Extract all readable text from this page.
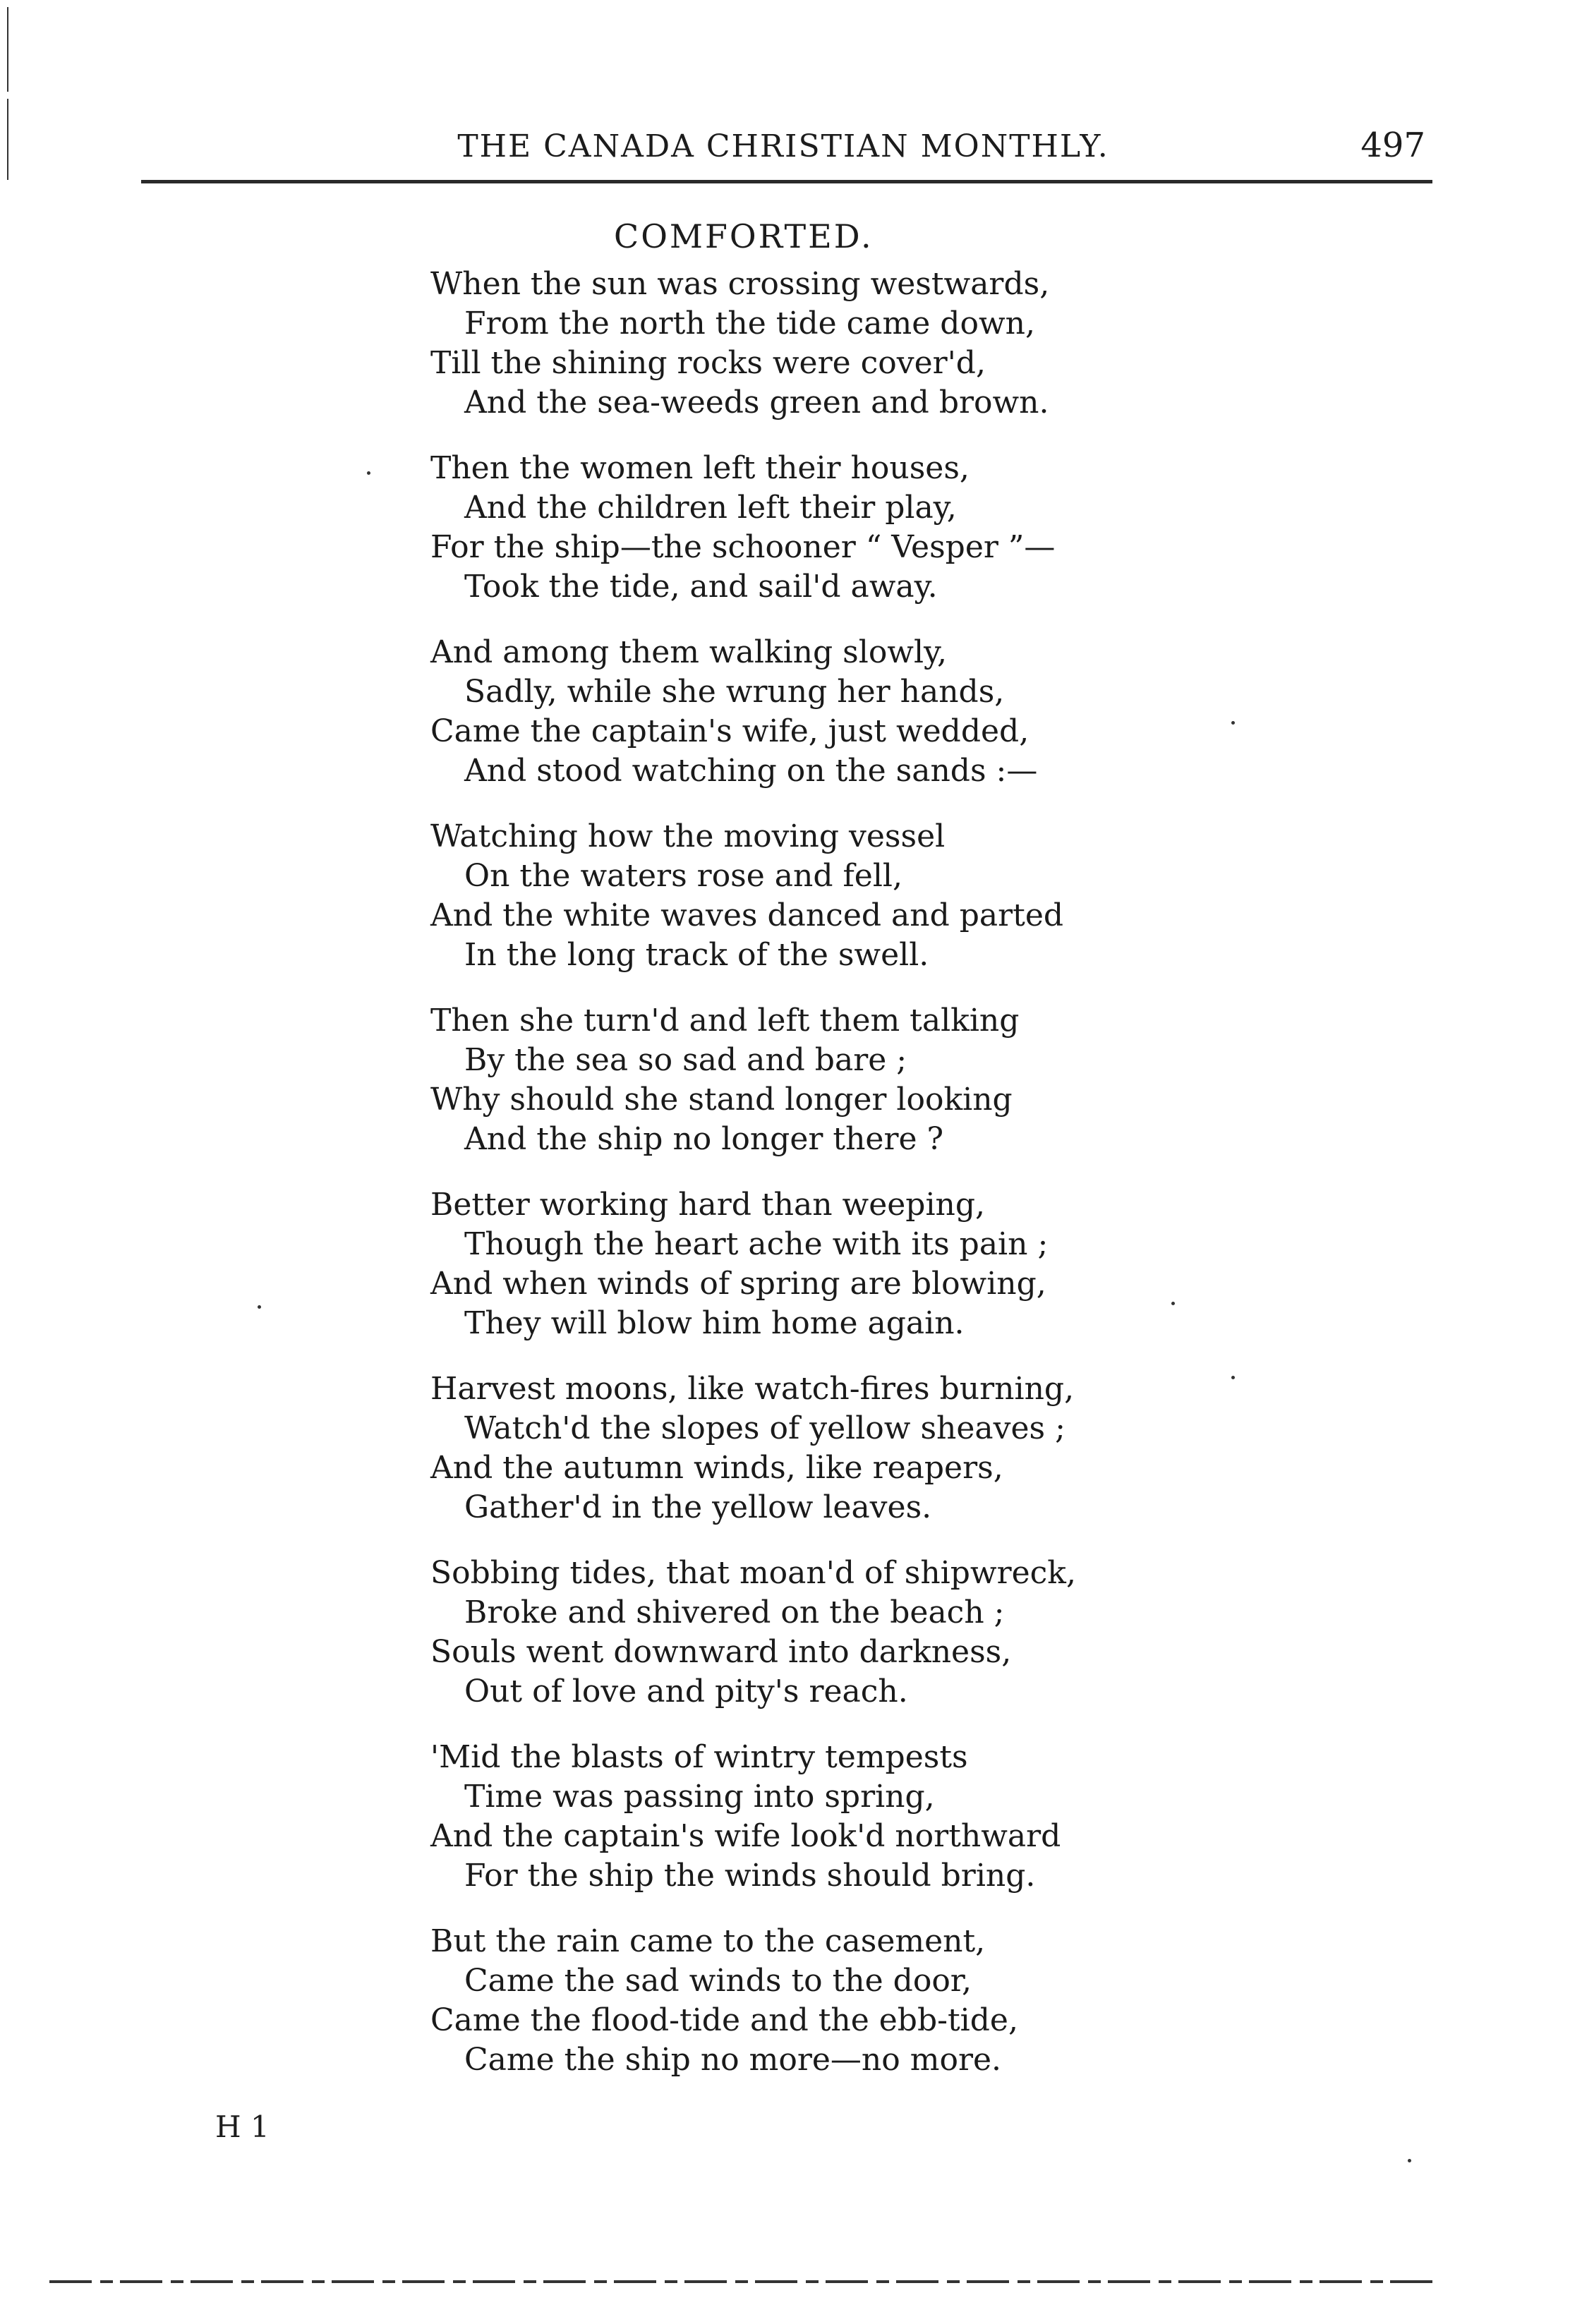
THE CANADA CHRISTIAN MONTHLY.	497
COMFORTED.
When the sun was crossing westwards,
From the north the tide came down,
Till the shining rocks were cover'd,
And the sea-weeds green and brown.
Then the women left their houses,
And the children left their play,
For the ship—the schooner “ Vesper ”—
Took the tide, and sail'd away.
And among them walking slowly,
Sadly, while she wrung her hands,
Came the captain's wife, just wedded,
And stood watching on the sands :—
Watching how the moving vessel
On the waters rose and fell,
And the white waves danced and parted
In the long track of the swell.
Then she turn'd and left them talking
By the sea so sad and bare ;
Why should she stand longer looking
And the ship no longer there ?
Better working hard than weeping,
Though the heart ache with its pain ;
And when winds of spring are blowing,
They will blow him home again.
Harvest moons, like watch-fires burning,
Watch'd the slopes of yellow sheaves ;
And the autumn winds, like reapers,
Gather'd in the yellow leaves.
Sobbing tides, that moan'd of shipwreck,
Broke and shivered on the beach ;
Souls went downward into darkness,
Out of love and pity's reach.
'Mid the blasts of wintry tempests
Time was passing into spring,
And the captain's wife look'd northward
For the ship the winds should bring.
But the rain came to the casement,
Came the sad winds to the door,
Came the flood-tide and the ebb-tide,
Came the ship no more—no more.
H 1
